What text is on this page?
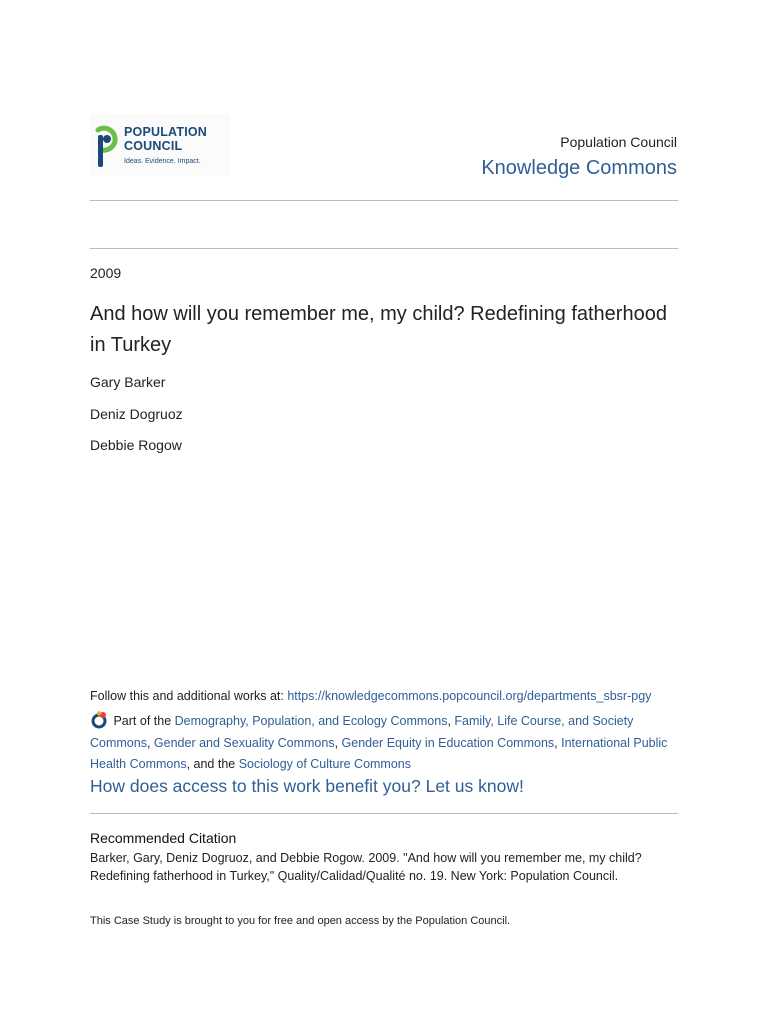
POPULATION
COUNCIL
Ideas. Evidence. Impact.
Population Council
Knowledge Commons
2009
And how will you remember me, my child? Redefining fatherhood in Turkey
Gary Barker
Deniz Dogruoz
Debbie Rogow
Follow this and additional works at: https://knowledgecommons.popcouncil.org/departments_sbsr-pgy
Part of the Demography, Population, and Ecology Commons, Family, Life Course, and Society Commons, Gender and Sexuality Commons, Gender Equity in Education Commons, International Public Health Commons, and the Sociology of Culture Commons
How does access to this work benefit you? Let us know!
Recommended Citation
Barker, Gary, Deniz Dogruoz, and Debbie Rogow. 2009. "And how will you remember me, my child? Redefining fatherhood in Turkey," Quality/Calidad/Qualité no. 19. New York: Population Council.
This Case Study is brought to you for free and open access by the Population Council.
